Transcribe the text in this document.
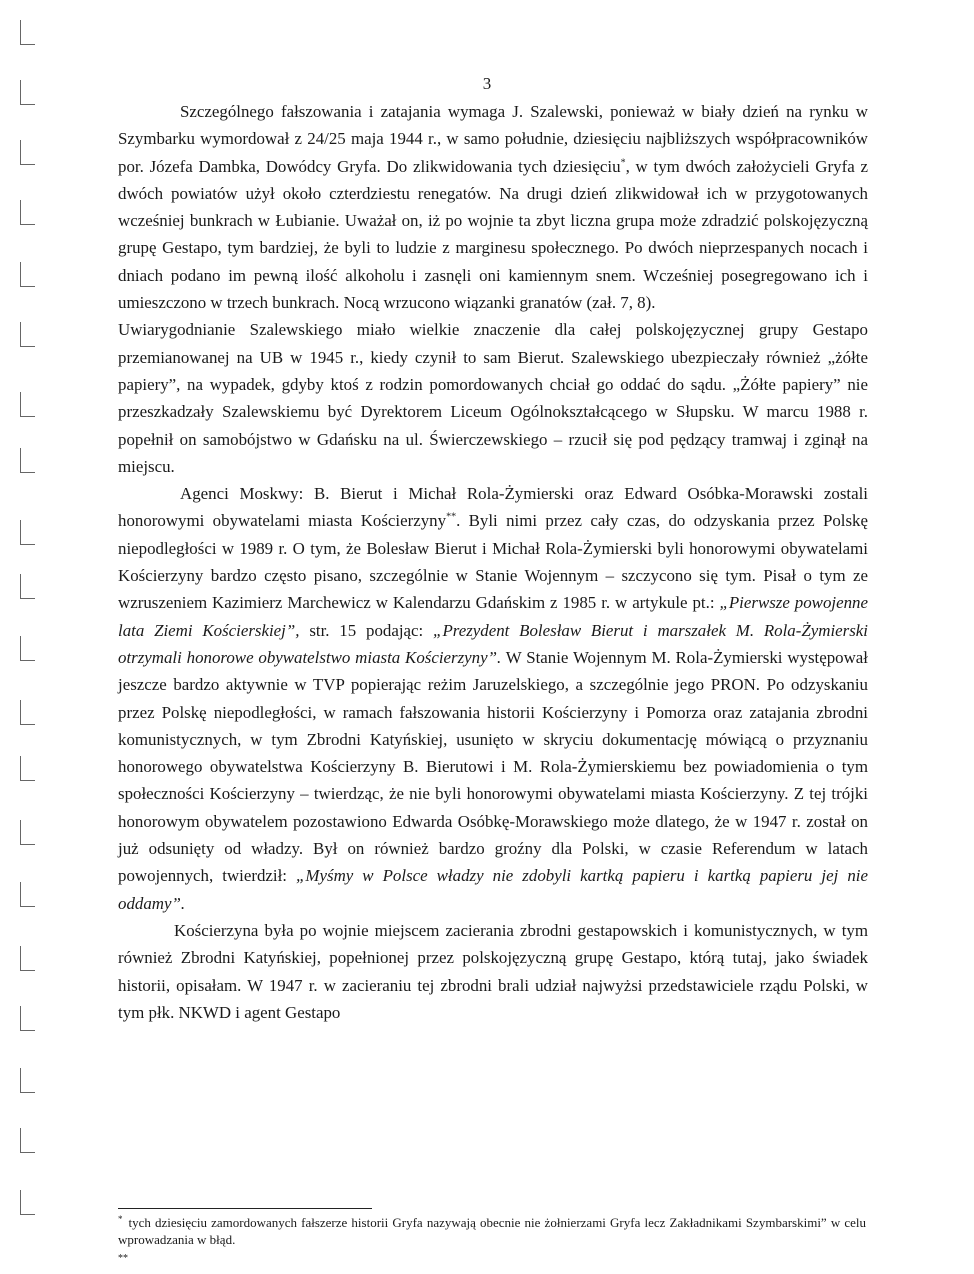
3

Szczególnego fałszowania i zatajania wymaga J. Szalewski, ponieważ w biały dzień na rynku w Szymbarku wymordował z 24/25 maja 1944 r., w samo południe, dziesięciu najbliższych współpracowników por. Józefa Dambka, Dowódcy Gryfa. Do zlikwidowania tych dziesięciu*, w tym dwóch założycieli Gryfa z dwóch powiatów użył około czterdziestu renegatów. Na drugi dzień zlikwidował ich w przygotowanych wcześniej bunkrach w Łubianie. Uważał on, iż po wojnie ta zbyt liczna grupa może zdradzić polskojęzyczną grupę Gestapo, tym bardziej, że byli to ludzie z marginesu społecznego. Po dwóch nieprzespanych nocach i dniach podano im pewną ilość alkoholu i zasnęli oni kamiennym snem. Wcześniej posegregowano ich i umieszczono w trzech bunkrach. Nocą wrzucono wiązanki granatów (zał. 7, 8).

Uwiarygodnianie Szalewskiego miało wielkie znaczenie dla całej polskojęzycznej grupy Gestapo przemianowanej na UB w 1945 r., kiedy czynił to sam Bierut. Szalewskiego ubezpieczały również „żółte papiery”, na wypadek, gdyby ktoś z rodzin pomordowanych chciał go oddać do sądu. „Żółte papiery” nie przeszkadzały Szalewskiemu być Dyrektorem Liceum Ogólnokształcącego w Słupsku. W marcu 1988 r. popełnił on samobójstwo w Gdańsku na ul. Świerczewskiego – rzucił się pod pędzący tramwaj i zginął na miejscu.

Agenci Moskwy: B. Bierut i Michał Rola-Żymierski oraz Edward Osóbka-Morawski zostali honorowymi obywatelami miasta Kościerzyny**. Byli nimi przez cały czas, do odzyskania przez Polskę niepodległości w 1989 r. O tym, że Bolesław Bierut i Michał Rola-Żymierski byli honorowymi obywatelami Kościerzyny bardzo często pisano, szczególnie w Stanie Wojennym – szczycono się tym. Pisał o tym ze wzruszeniem Kazimierz Marchewicz w Kalendarzu Gdańskim z 1985 r. w artykule pt.: „Pierwsze powojenne lata Ziemi Kościerskiej”, str. 15 podając: „Prezydent Bolesław Bierut i marszałek M. Rola-Żymierski otrzymali honorowe obywatelstwo miasta Kościerzyny”. W Stanie Wojennym M. Rola-Żymierski występował jeszcze bardzo aktywnie w TVP popierając reżim Jaruzelskiego, a szczególnie jego PRON. Po odzyskaniu przez Polskę niepodległości, w ramach fałszowania historii Kościerzyny i Pomorza oraz zatajania zbrodni komunistycznych, w tym Zbrodni Katyńskiej, usunięto w skryciu dokumentację mówiącą o przyznaniu honorowego obywatelstwa Kościerzyny B. Bierutowi i M. Rola-Żymierskiemu bez powiadomienia o tym społeczności Kościerzyny – twierdząc, że nie byli honorowymi obywatelami miasta Kościerzyny. Z tej trójki honorowym obywatelem pozostawiono Edwarda Osóbkę-Morawskiego może dlatego, że w 1947 r. został on już odsunięty od władzy. Był on również bardzo groźny dla Polski, w czasie Referendum w latach powojennych, twierdził: „Myśmy w Polsce władzy nie zdobyli kartką papieru i kartką papieru jej nie oddamy”.

Kościerzyna była po wojnie miejscem zacierania zbrodni gestapowskich i komunistycznych, w tym również Zbrodni Katyńskiej, popełnionej przez polskojęzyczną grupę Gestapo, którą tutaj, jako świadek historii, opisałam. W 1947 r. w zacieraniu tej zbrodni brali udział najwyżsi przedstawiciele rządu Polski, w tym płk. NKWD i agent Gestapo

* tych dziesięciu zamordowanych fałszerze historii Gryfa nazywają obecnie nie żołnierzami Gryfa lecz Zakładnikami Szymbarskimi” w celu wprowadzania w błąd.

**
